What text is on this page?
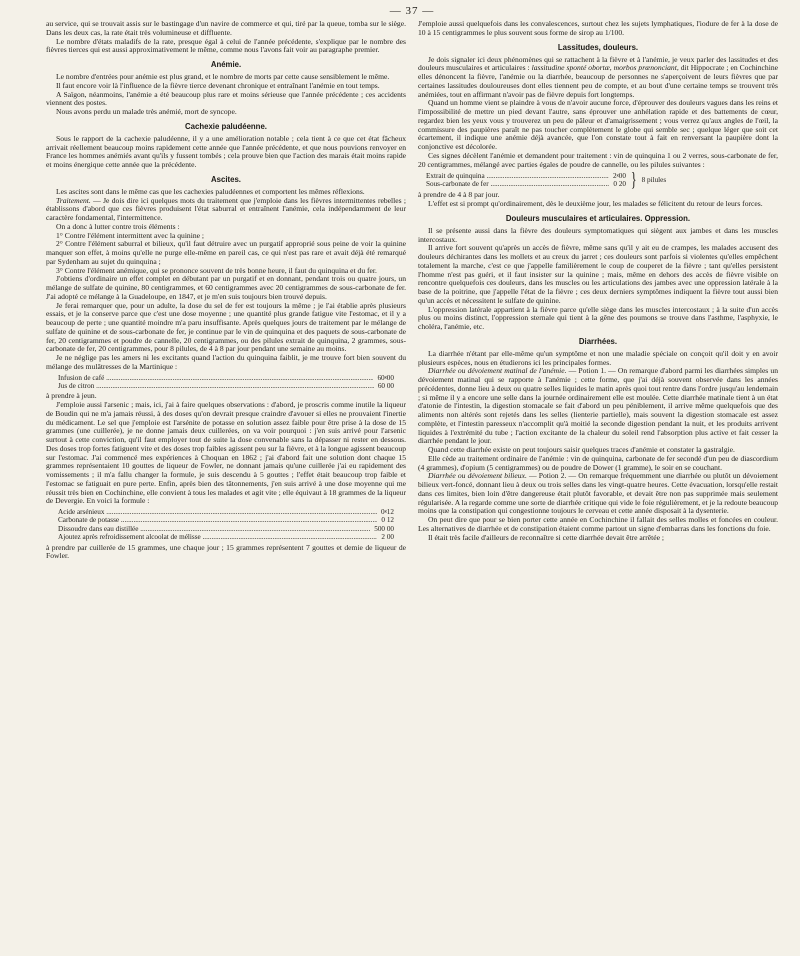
— 37 —

au service, qui se trouvait assis sur le bastingage d'un navire de commerce et qui, tiré par la queue, tomba sur le siège. Dans les deux cas, la rate était très volumineuse et diffluente.

Le nombre d'états maladifs de la rate, presque égal à celui de l'année précédente, s'explique par le nombre des fièvres tierces qui est aussi approximativement le même, comme nous l'avons fait voir au paragraphe premier.

Anémie.

Le nombre d'entrées pour anémie est plus grand, et le nombre de morts par cette cause sensiblement le même.

Il faut encore voir là l'influence de la fièvre tierce devenant chronique et entraînant l'anémie en tout temps.

A Saïgon, néanmoins, l'anémie a été beaucoup plus rare et moins sérieuse que l'année précédente ; ces accidents viennent des postes.

Nous avons perdu un malade très anémié, mort de syncope.

Cachexie paludéenne.

Sous le rapport de la cachexie paludéenne, il y a une amélioration notable ; cela tient à ce que cet état fâcheux arrivait réellement beaucoup moins rapidement cette année que l'année précédente, et que nous pouvions renvoyer en France les hommes anémiés avant qu'ils y fussent tombés ; cela prouve bien que l'action des marais était moins rapide et moins énergique cette année que la précédente.

Ascites.

Les ascites sont dans le même cas que les cachexies paludéennes et comportent les mêmes réflexions.

Traitement. — Je dois dire ici quelques mots du traitement que j'emploie dans les fièvres intermittentes rebelles ; établissons d'abord que ces fièvres produisent l'état saburral et entraînent l'anémie, cela indépendamment de leur caractère fondamental, l'intermittence.

On a donc à lutter contre trois éléments :

1° Contre l'élément intermittent avec la quinine ;

2° Contre l'élément saburral et bilieux, qu'il faut détruire avec un purgatif approprié sous peine de voir la quinine manquer son effet, à moins qu'elle ne purge elle-même en pareil cas, ce qui n'est pas rare et avait déjà été remarqué par Sydenham au sujet du quinquina ;

3° Contre l'élément anémique, qui se prononce souvent de très bonne heure, il faut du quinquina et du fer.

J'obtiens d'ordinaire un effet complet en débutant par un purgatif et en donnant, pendant trois ou quatre jours, un mélange de sulfate de quinine, 80 centigrammes, et 60 centigrammes avec 20 centigrammes de sous-carbonate de fer. J'ai adopté ce mélange à la Guadeloupe, en 1847, et je m'en suis toujours bien trouvé depuis.

Je ferai remarquer que, pour un adulte, la dose du sel de fer est toujours la même ; je l'ai établie après plusieurs essais, et je la conserve parce que c'est une dose moyenne ; une quantité plus grande fatigue vite l'estomac, et il y a beaucoup de perte ; une quantité moindre m'a paru insuffisante. Après quelques jours de traitement par le mélange de sulfate de quinine et de sous-carbonate de fer, je continue par le vin de quinquina et des paquets de sous-carbonate de fer, 20 centigrammes et poudre de cannelle, 20 centigrammes, ou des pilules extrait de quinquina, 2 grammes, sous-carbonate de fer, 20 centigrammes, pour 8 pilules, de 4 à 8 par jour pendant une semaine au moins.

Je ne néglige pas les amers ni les excitants quand l'action du quinquina faiblit, je me trouve fort bien souvent du mélange des mulâtresses de la Martinique :

Infusion de café .....	60ᵍ00
Jus de citron .....	60 00

à prendre à jeun.

J'emploie aussi l'arsenic ; mais, ici, j'ai à faire quelques observations : d'abord, je proscris comme inutile la liqueur de Boudin qui ne m'a jamais réussi, à des doses qu'on devrait presque craindre d'avouer si elles ne prouvaient l'inertie du médicament. Le sel que j'emploie est l'arsénite de potasse en solution assez faible pour être prise à la dose de 15 grammes (une cuillerée), je ne donne jamais deux cuillerées, on va voir pourquoi : j'en suis arrivé pour l'arsenic surtout à cette conviction, qu'il faut employer tout de suite la dose convenable sans la dépasser ni rester en dessous. Des doses trop fortes fatiguent vite et des doses trop faibles agissent peu sur la fièvre, et à la longue agissent beaucoup sur l'estomac. J'ai commencé mes expériences à Choquan en 1862 ; j'ai d'abord fait une solution dont chaque 15 grammes représentaient 10 gouttes de liqueur de Fowler, ne donnant jamais qu'une cuillerée j'ai eu rapidement des vomissements ; il m'a fallu changer la formule, je suis descendu à 5 gouttes ; l'effet était beaucoup trop faible et l'estomac se fatiguait en pure perte. Enfin, après bien des tâtonnements, j'en suis arrivé à une dose moyenne qui me réussit très bien en Cochinchine, elle convient à tous les malades et agit vite ; elle équivaut à 18 grammes de la liqueur de Devergie. En voici la formule :

Acide arsénieux .....	0ᵍ12
Carbonate de potasse .....	0 12
Dissoudre dans eau distillée .....	500 00
Ajoutez après refroidissement alcoolat de mélisse .....	2 00

à prendre par cuillerée de 15 grammes, une chaque jour ; 15 grammes représentent 7 gouttes et demie de liqueur de Fowler.

J'emploie aussi quelquefois dans les convalescences, surtout chez les sujets lymphatiques, l'iodure de fer à la dose de 10 à 15 centigrammes le plus souvent sous forme de sirop au 1/100.

Lassitudes, douleurs.

Je dois signaler ici deux phénomènes qui se rattachent à la fièvre et à l'anémie, je veux parler des lassitudes et des douleurs musculaires et articulaires : lassitudine sponté obortæ, morbos prænonciant, dit Hippocrate ; en Cochinchine elles dénoncent la fièvre, l'anémie ou la diarrhée, beaucoup de personnes ne s'aperçoivent de leurs fièvres que par certaines lassitudes douloureuses dont elles tiennent peu de compte, et au bout d'une certaine temps se trouvent très anémiées, tout en affirmant n'avoir pas de fièvre depuis fort longtemps.

Quand un homme vient se plaindre à vous de n'avoir aucune force, d'éprouver des douleurs vagues dans les reins et l'impossibilité de mettre un pied devant l'autre, sans éprouver une anhélation rapide et des battements de cœur, regardez bien les yeux vous y trouverez un peu de pâleur et d'amaigrissement ; vous verrez qu'aux angles de l'œil, la commissure des paupières paraît ne pas toucher complètement le globe qui semble sec ; quelque léger que soit cet écartement, il indique une anémie déjà avancée, que l'on constate tout à fait en renversant la paupière dont la conjonctive est décolorée.

Ces signes décèlent l'anémie et demandent pour traitement : vin de quinquina 1 ou 2 verres, sous-carbonate de fer, 20 centigrammes, mélangé avec parties égales de poudre de cannelle, ou les pilules suivantes :

Extrait de quinquina .....	2ᵍ00
Sous-carbonate de fer .....	0 20 } 8 pilules

à prendre de 4 à 8 par jour.

L'effet est si prompt qu'ordinairement, dès le deuxième jour, les malades se félicitent du retour de leurs forces.

Douleurs musculaires et articulaires. Oppression.

Il se présente aussi dans la fièvre des douleurs symptomatiques qui siègent aux jambes et dans les muscles intercostaux.

Il arrive fort souvent qu'après un accès de fièvre, même sans qu'il y ait eu de crampes, les malades accusent des douleurs déchirantes dans les mollets et au creux du jarret ; ces douleurs sont parfois si violentes qu'elles empêchent totalement la marche, c'est ce que j'appelle familièrement le coup de couperet de la fièvre ; tant qu'elles persistent l'homme n'est pas guéri, et il faut insister sur la quinine ; mais, même en dehors des accès de fièvre visible on rencontre quelquefois ces douleurs, dans les muscles ou les articulations des jambes avec une oppression latérale à la base de la poitrine, que j'appelle l'état de la fièvre ; ces deux derniers symptômes indiquent la fièvre tout aussi bien qu'un accès et nécessitent le sulfate de quinine.

L'oppression latérale appartient à la fièvre parce qu'elle siège dans les muscles intercostaux ; à la suite d'un accès plus ou moins distinct, l'oppression sternale qui tient à la gêne des poumons se trouve dans l'asthme, l'asphyxie, le choléra, l'anémie, etc.

Diarrhées.

La diarrhée n'étant par elle-même qu'un symptôme et non une maladie spéciale on conçoit qu'il doit y en avoir plusieurs espèces, nous en étudierons ici les principales formes.

Diarrhée ou dévoiement matinal de l'anémie. — Potion 1. — On remarque d'abord parmi les diarrhées simples un dévoiement matinal qui se rapporte à l'anémie ; cette forme, que j'ai déjà souvent observée dans les années précédentes, donne lieu à deux ou quatre selles liquides le matin après quoi tout rentre dans l'ordre jusqu'au lendemain ; si même il y a encore une selle dans la journée ordinairement elle est moulée. Cette diarrhée matinale tient à un état d'atonie de l'intestin, la digestion stomacale se fait d'abord un peu péniblement, il arrive même quelquefois que des aliments non altérés sont rejetés dans les selles (lienterie partielle), mais souvent la digestion stomacale est assez complète, et l'intestin paresseux n'accomplit qu'à moitié la seconde digestion pendant la nuit, et les produits arrivent liquides à l'extrémité du tube ; l'action excitante de la chaleur du soleil rend l'absorption plus active et fait cesser la diarrhée pendant le jour.

Quand cette diarrhée existe on peut toujours saisir quelques traces d'anémie et constater la gastralgie.

Elle cède au traitement ordinaire de l'anémie : vin de quinquina, carbonate de fer secondé d'un peu de diascordium (4 grammes), d'opium (5 centigrammes) ou de poudre de Dower (1 gramme), le soir en se couchant.

Diarrhée ou dévoiement bilieux. — Potion 2. — On remarque fréquemment une diarrhée ou plutôt un dévoiement bilieux vert-foncé, donnant lieu à deux ou trois selles dans les vingt-quatre heures. Cette évacuation, lorsqu'elle restait dans ces limites, bien loin d'être dangereuse était plutôt favorable, et devait être non pas supprimée mais seulement régularisée. A la regarde comme une sorte de diarrhée critique qui vide le foie régulièrement, et je la redoute beaucoup moins que la constipation qui congestionne toujours le cerveau et cette année disposait à la dysenterie.

On peut dire que pour se bien porter cette année en Cochinchine il fallait des selles molles et foncées en couleur. Les alternatives de diarrhée et de constipation étaient comme partout un signe d'embarras dans les fonctions du foie.

Il était très facile d'ailleurs de reconnaître si cette diarrhée devait être arrêtée ;
